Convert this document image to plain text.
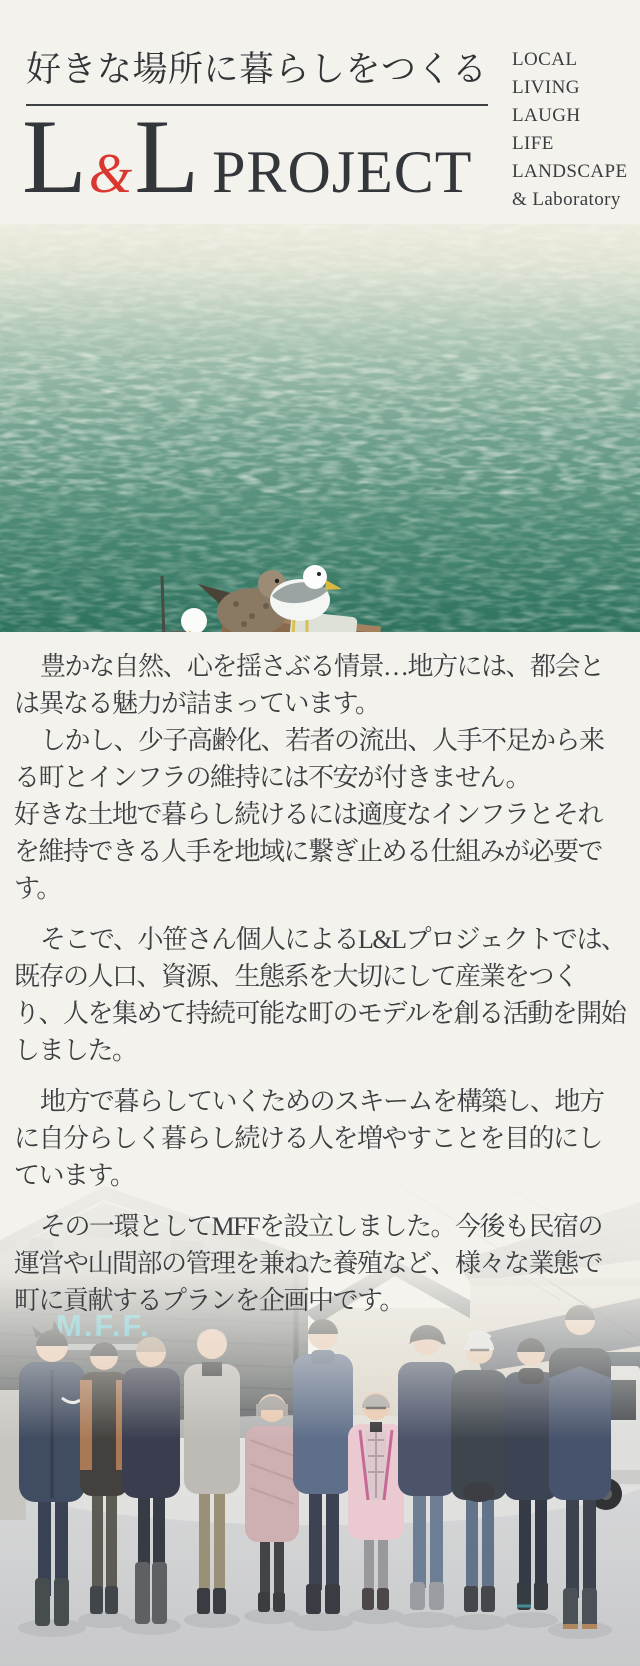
好きな場所に暮らしをつくる
L & L PROJECT
LOCAL
LIVING
LAUGH
LIFE
LANDSCAPE
& Laboratory

豊かな自然、心を揺さぶる情景…地方には、都会とは異なる魅力が詰まっています。

しかし、少子高齢化、若者の流出、人手不足から来る町とインフラの維持には不安が付きません。

好きな土地で暮らし続けるには適度なインフラとそれを維持できる人手を地域に繋ぎ止める仕組みが必要です。

そこで、小笹さん個人によるL&Lプロジェクトでは、既存の人口、資源、生態系を大切にして産業をつくり、人を集めて持続可能な町のモデルを創る活動を開始しました。

地方で暮らしていくためのスキームを構築し、地方に自分らしく暮らし続ける人を増やすことを目的にしています。

その一環としてMFFを設立しました。今後も民宿の運営や山間部の管理を兼ねた養殖など、様々な業態で町に貢献するプランを企画中です。
